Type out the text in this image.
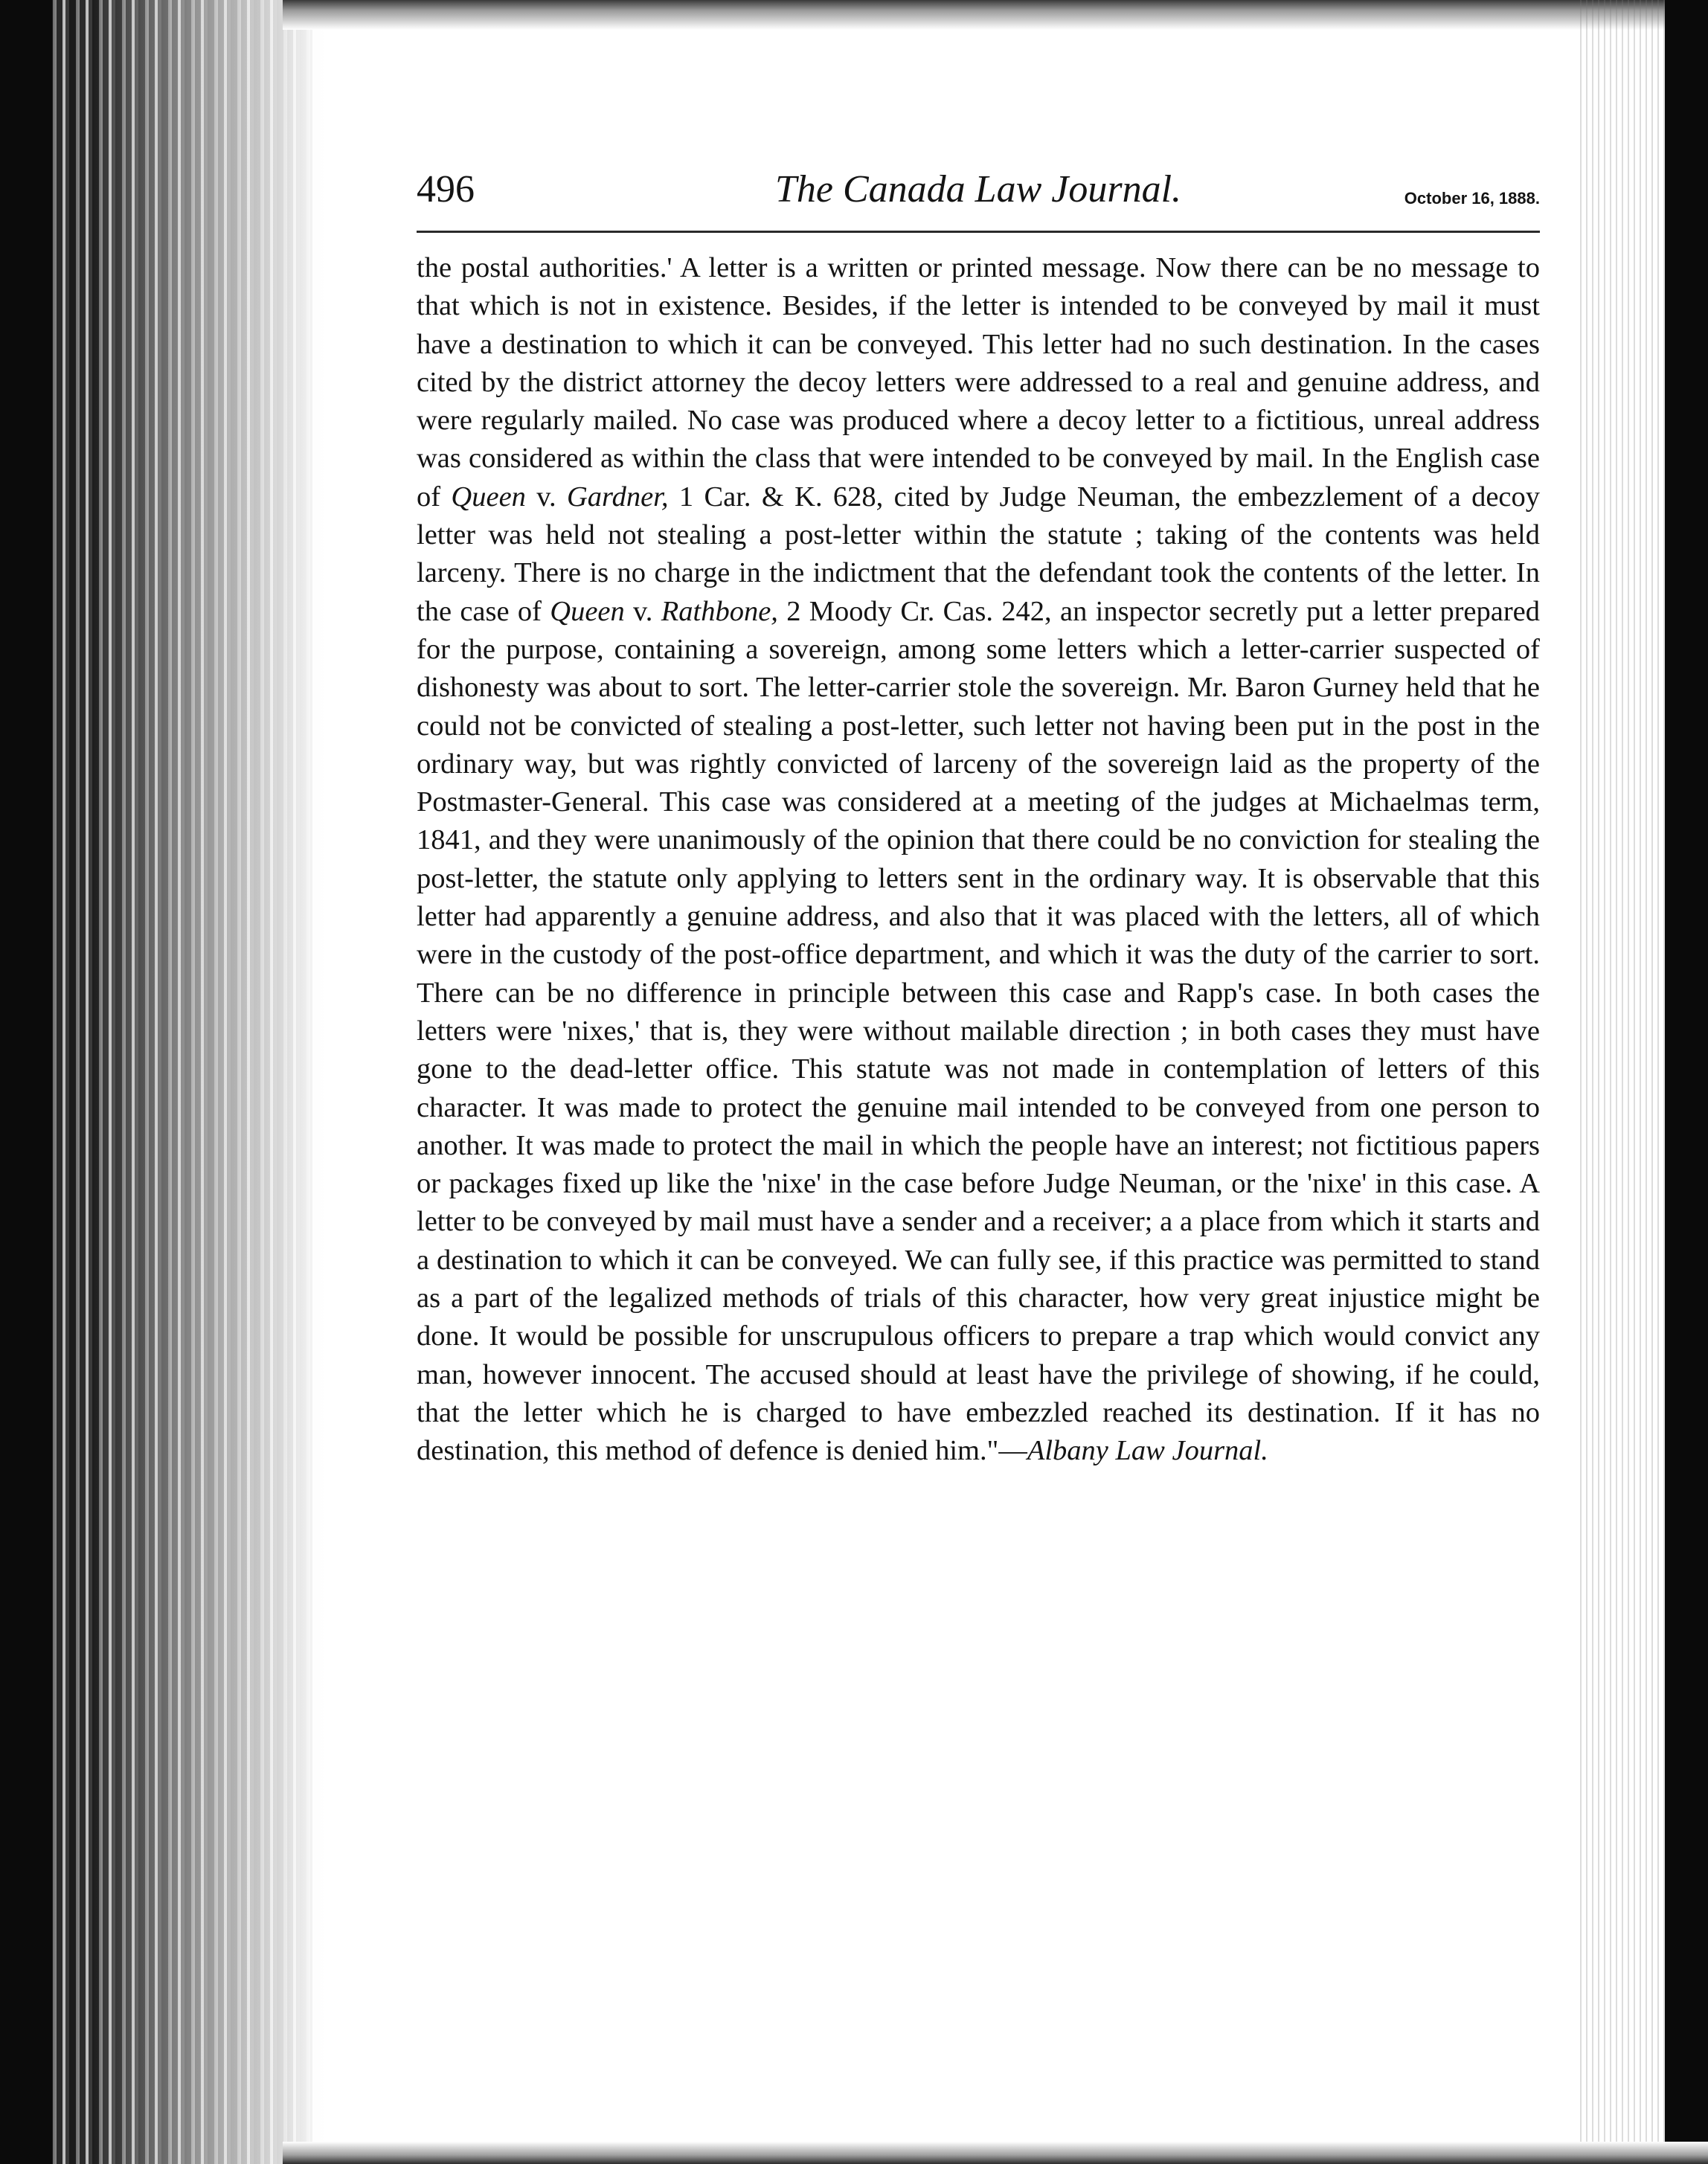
496	The Canada Law Journal.	October 16, 1888.

the postal authorities.' A letter is a written or printed message. Now there can be no message to that which is not in existence. Besides, if the letter is intended to be conveyed by mail it must have a destination to which it can be conveyed. This letter had no such destination. In the cases cited by the district attorney the decoy letters were addressed to a real and genuine address, and were regularly mailed. No case was produced where a decoy letter to a fictitious, unreal address was considered as within the class that were intended to be conveyed by mail. In the English case of Queen v. Gardner, 1 Car. & K. 628, cited by Judge Neuman, the embezzlement of a decoy letter was held not stealing a post-letter within the statute ; taking of the contents was held larceny. There is no charge in the indictment that the defendant took the contents of the letter. In the case of Queen v. Rathbone, 2 Moody Cr. Cas. 242, an inspector secretly put a letter prepared for the purpose, containing a sovereign, among some letters which a letter-carrier suspected of dishonesty was about to sort. The letter-carrier stole the sovereign. Mr. Baron Gurney held that he could not be convicted of stealing a post-letter, such letter not having been put in the post in the ordinary way, but was rightly convicted of larceny of the sovereign laid as the property of the Postmaster-General. This case was considered at a meeting of the judges at Michaelmas term, 1841, and they were unanimously of the opinion that there could be no conviction for stealing the post-letter, the statute only applying to letters sent in the ordinary way. It is observable that this letter had apparently a genuine address, and also that it was placed with the letters, all of which were in the custody of the post-office department, and which it was the duty of the carrier to sort. There can be no difference in principle between this case and Rapp's case. In both cases the letters were 'nixes,' that is, they were without mailable direction ; in both cases they must have gone to the dead-letter office. This statute was not made in contemplation of letters of this character. It was made to protect the genuine mail intended to be conveyed from one person to another. It was made to protect the mail in which the people have an interest; not fictitious papers or packages fixed up like the 'nixe' in the case before Judge Neuman, or the 'nixe' in this case. A letter to be conveyed by mail must have a sender and a receiver; a a place from which it starts and a destination to which it can be conveyed. We can fully see, if this practice was permitted to stand as a part of the legalized methods of trials of this character, how very great injustice might be done. It would be possible for unscrupulous officers to prepare a trap which would convict any man, however innocent. The accused should at least have the privilege of showing, if he could, that the letter which he is charged to have embezzled reached its destination. If it has no destination, this method of defence is denied him."—Albany Law Journal.
